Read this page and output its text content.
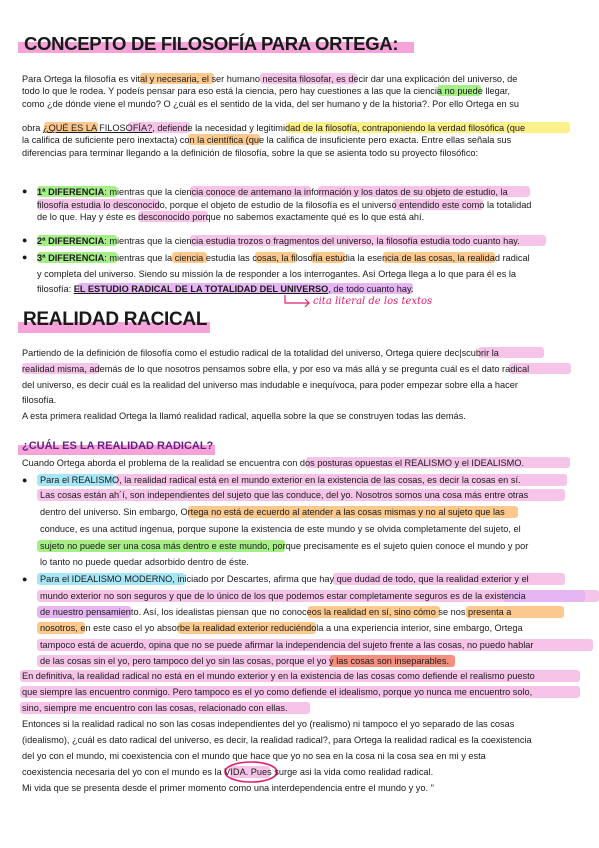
CONCEPTO DE FILOSOFÍA PARA ORTEGA:
Para Ortega la filosofía es vital y necesaria, el ser humano necesita filosofar, es decir dar una explicación del universo, de
todo lo que le rodea. Y podeís pensar para eso está la ciencia, pero hay cuestiones a las que la ciencia no puede llegar,
como ¿de dónde viene el mundo? O ¿cuál es el sentido de la vida, del ser humano y de la historia?. Por ello Ortega en su
obra ¿QUÉ ES LA FILOSOFÍA?, defiende la necesidad y legitimidad de la filosofía, contraponiendo la verdad filosófica (que
la califica de suficiente pero inextacta) con la científica (que la califica de insuficiente pero exacta. Entre ellas señala sus
diferencias para terminar llegando a la definición de filosofía, sobre la que se asienta todo su proyecto filosófico:
● 1ª DIFERENCIA: mientras que la ciencia conoce de antemano la información y los datos de su objeto de estudio, la
filosofía estudia lo desconocido, porque el objeto de estudio de la filosofía es el universo entendido este como la totalidad
de lo que. Hay y éste es desconocido porque no sabemos exactamente qué es lo que está ahí.
● 2ª DIFERENCIA: mientras que la ciencia estudia trozos o fragmentos del universo, la filosofía estudia todo cuanto hay.
● 3ª DIFERENCIA: mientras que la ciencia estudia las cosas, la filosofía estudia la esencia de las cosas, la realidad radical
y completa del universo. Siendo su missión la de responder a los interrogantes. Así Ortega llega a lo que para él es la
filosofía: EL ESTUDIO RADICAL DE LA TOTALIDAD DEL UNIVERSO, de todo cuanto hay.
cita literal de los textos
REALIDAD RACICAL
Partiendo de la definición de filosofía como el estudio radical de la totalidad del universo, Ortega quiere dec|scubrir la
realidad misma, además de lo que nosotros pensamos sobre ella, y por eso va más allá y se pregunta cuál es el dato radical
del universo, es decir cuál es la realidad del universo mas indudable e inequívoca, para poder empezar sobre ella a hacer
filosofía.
A esta primera realidad Ortega la llamó realidad radical, aquella sobre la que se construyen todas las demás.
¿CUÁL ES LA REALIDAD RADICAL?
Cuando Ortega aborda el problema de la realidad se encuentra con dos posturas opuestas el REALISMO y el IDEALISMO.
● Para el REALISMO, la realidad radical está en el mundo exterior en la existencia de las cosas, es decir la cosas en sí.
Las cosas están ah´í, son independientes del sujeto que las conduce, del yo. Nosotros somos una cosa más entre otras
dentro del universo. Sin embargo, Ortega no está de ecuerdo al atender a las cosas mismas y no al sujeto que las
conduce, es una actitud ingenua, porque supone la existencia de este mundo y se olvida completamente del sujeto, el
sujeto no puede ser una cosa más dentro e este mundo, porque precisamente es el sujeto quien conoce el mundo y por
lo tanto no puede quedar adsorbido dentro de éste.
● Para el IDEALISMO MODERNO, iniciado por Descartes, afirma que hay que dudad de todo, que la realidad exterior y el
mundo exterior no son seguros y que de lo único de los que podemos estar completamente seguros es de la existencia
de nuestro pensamiento. Así, los idealistas piensan que no conoceos la realidad en sí, sino cómo se nos presenta a
nosotros, en este caso el yo absorbe la realidad exterior reduciéndola a una experiencia interior, sine embargo, Ortega
tampoco está de acuerdo, opina que no se puede afirmar la independencia del sujeto frente a las cosas, no puedo hablar
de las cosas sin el yo, pero tampoco del yo sin las cosas, porque el yo y las cosas son inseparables.
En definitiva, la realidad radical no está en el mundo exterior y en la existencia de las cosas como defiende el realismo puesto
que siempre las encuentro conmigo. Pero tampoco es el yo como defiende el idealismo, porque yo nunca me encuentro solo,
sino, siempre me encuentro con las cosas, relacionado con ellas.
Entonces si la realidad radical no son las cosas independientes del yo (realismo) ni tampoco el yo separado de las cosas
(idealismo), ¿cuál es dato radical del universo, es decir, la realidad radical?, para Ortega la realidad radical es la coexistencia
del yo con el mundo, mi coexistencia con el mundo que hace que yo no sea en la cosa ni la cosa sea en mi y esta
coexistencia necesaria del yo con el mundo es la VIDA. Pues surge asi la vida como realidad radical.
Mi vida que se presenta desde el primer momento como una interdependencia entre el mundo y yo. "
